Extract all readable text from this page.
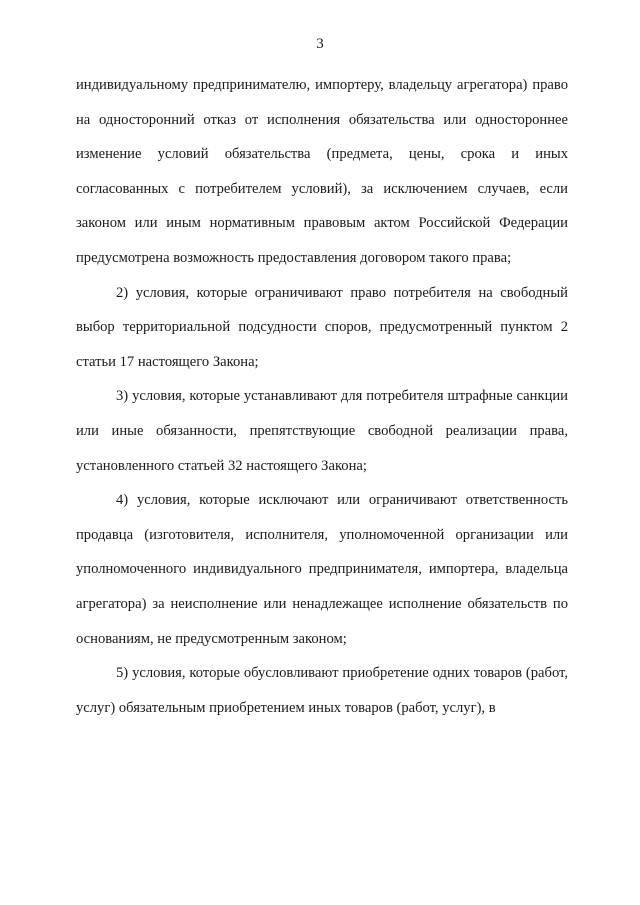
3

индивидуальному предпринимателю, импортеру, владельцу агрегатора) право на односторонний отказ от исполнения обязательства или одностороннее изменение условий обязательства (предмета, цены, срока и иных согласованных с потребителем условий), за исключением случаев, если законом или иным нормативным правовым актом Российской Федерации предусмотрена возможность предоставления договором такого права;

2) условия, которые ограничивают право потребителя на свободный выбор территориальной подсудности споров, предусмотренный пунктом 2 статьи 17 настоящего Закона;

3) условия, которые устанавливают для потребителя штрафные санкции или иные обязанности, препятствующие свободной реализации права, установленного статьей 32 настоящего Закона;

4) условия, которые исключают или ограничивают ответственность продавца (изготовителя, исполнителя, уполномоченной организации или уполномоченного индивидуального предпринимателя, импортера, владельца агрегатора) за неисполнение или ненадлежащее исполнение обязательств по основаниям, не предусмотренным законом;

5) условия, которые обусловливают приобретение одних товаров (работ, услуг) обязательным приобретением иных товаров (работ, услуг), в
